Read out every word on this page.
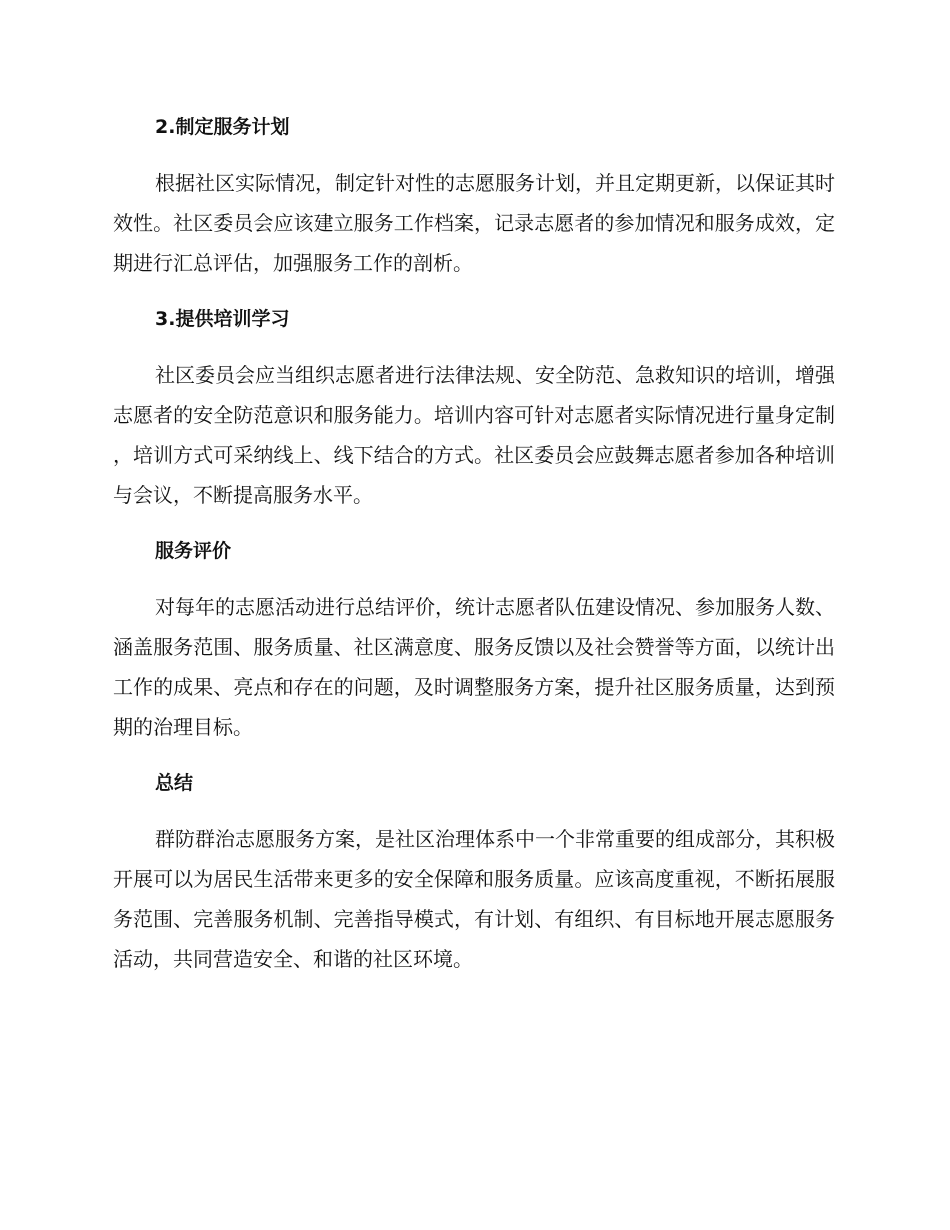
2.制定服务计划

根据社区实际情况，制定针对性的志愿服务计划，并且定期更新，以保证其时效性。社区委员会应该建立服务工作档案，记录志愿者的参加情况和服务成效，定期进行汇总评估，加强服务工作的剖析。

3.提供培训学习

社区委员会应当组织志愿者进行法律法规、安全防范、急救知识的培训，增强志愿者的安全防范意识和服务能力。培训内容可针对志愿者实际情况进行量身定制，培训方式可采纳线上、线下结合的方式。社区委员会应鼓舞志愿者参加各种培训与会议，不断提高服务水平。

服务评价

对每年的志愿活动进行总结评价，统计志愿者队伍建设情况、参加服务人数、涵盖服务范围、服务质量、社区满意度、服务反馈以及社会赞誉等方面，以统计出工作的成果、亮点和存在的问题，及时调整服务方案，提升社区服务质量，达到预期的治理目标。

总结

群防群治志愿服务方案，是社区治理体系中一个非常重要的组成部分，其积极开展可以为居民生活带来更多的安全保障和服务质量。应该高度重视，不断拓展服务范围、完善服务机制、完善指导模式，有计划、有组织、有目标地开展志愿服务活动，共同营造安全、和谐的社区环境。
